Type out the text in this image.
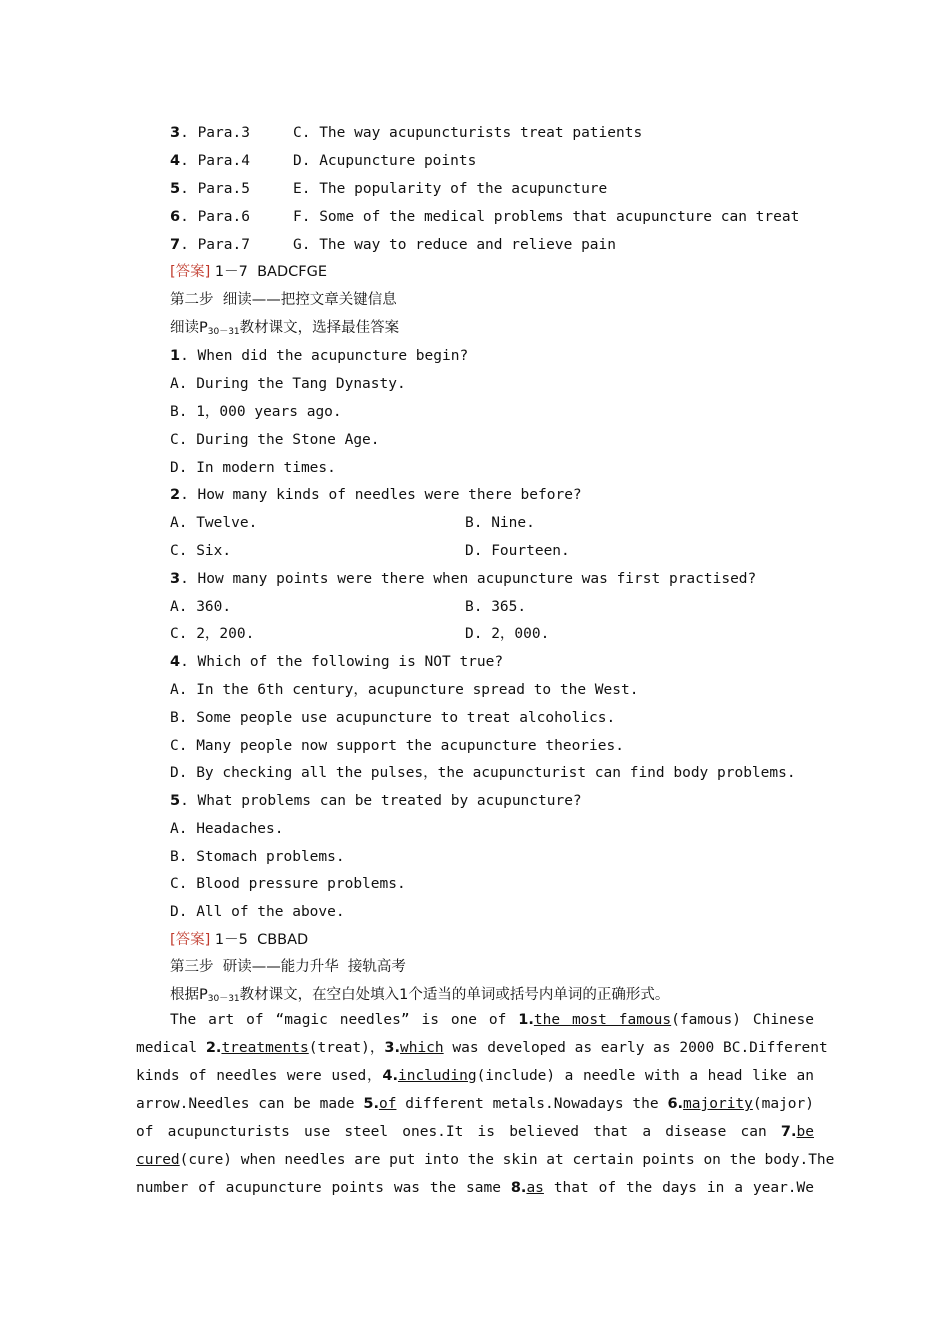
3. Para.3	C. The way acupuncturists treat patients
4. Para.4	D. Acupuncture points
5. Para.5	E. The popularity of the acupuncture
6. Para.6	F. Some of the medical problems that acupuncture can treat
7. Para.7	G. The way to reduce and relieve pain
[答案] 1－7  BADCFGE
第二步  细读——把控文章关键信息
细读$P_{30-31}$教材课文，选择最佳答案
1. When did the acupuncture begin?
A. During the Tang Dynasty.
B. 1，000 years ago.
C. During the Stone Age.
D. In modern times.
2. How many kinds of needles were there before?
A. Twelve.	B. Nine.
C. Six.	D. Fourteen.
3. How many points were there when acupuncture was first practised?
A. 360.	B. 365.
C. 2，200.	D. 2，000.
4. Which of the following is NOT true?
A. In the 6th century，acupuncture spread to the West.
B. Some people use acupuncture to treat alcoholics.
C. Many people now support the acupuncture theories.
D. By checking all the pulses，the acupuncturist can find body problems.
5. What problems can be treated by acupuncture?
A. Headaches.
B. Stomach problems.
C. Blood pressure problems.
D. All of the above.
[答案] 1－5  CBBAD
第三步  研读——能力升华  接轨高考
根据$P_{30-31}$教材课文，在空白处填入1个适当的单词或括号内单词的正确形式。
The art of “magic needles” is one of 1.the most famous(famous) Chinese
medical 2.treatments(treat)，3.which was developed as early as 2000 BC.Different
kinds of needles were used，4.including(include) a needle with a head like an
arrow.Needles can be made 5.of different metals.Nowadays the 6.majority(major)
of acupuncturists use steel ones.It is believed that a disease can 7.be
cured(cure) when needles are put into the skin at certain points on the body.The
number of acupuncture points was the same 8.as that of the days in a year.We
